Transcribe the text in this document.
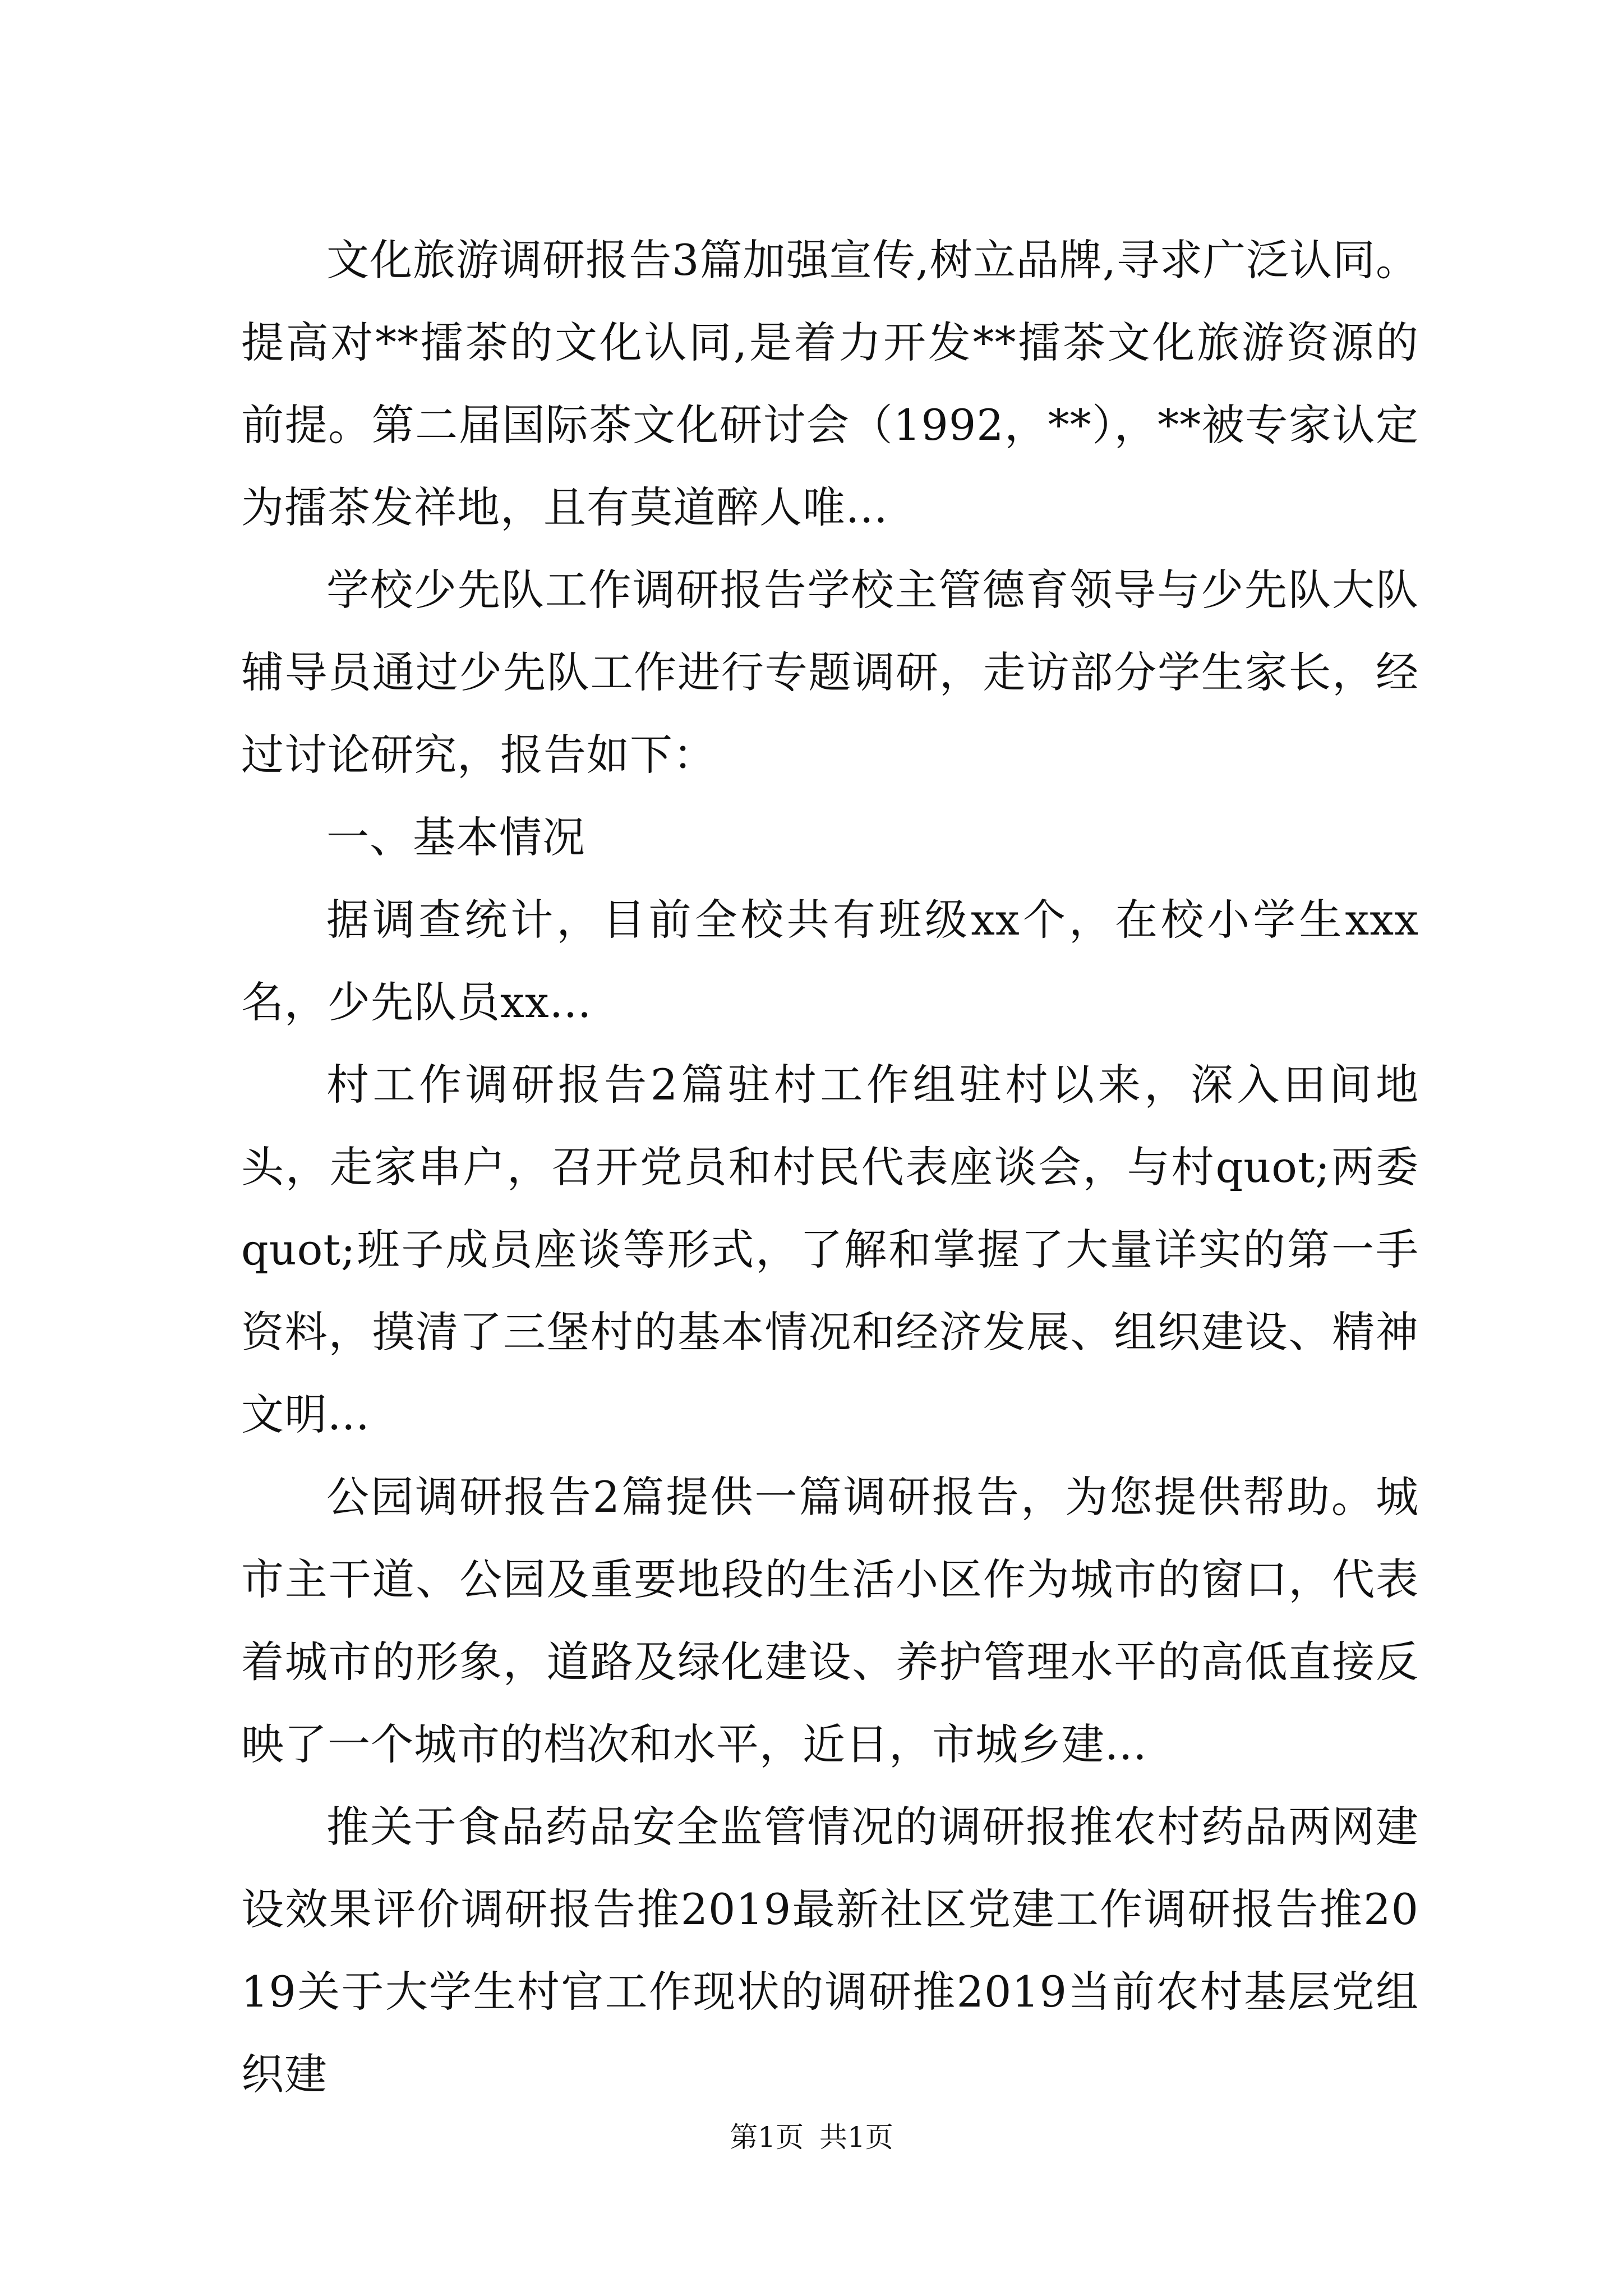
文化旅游调研报告3篇加强宣传,树立品牌,寻求广泛认同。提高对**擂茶的文化认同,是着力开发**擂茶文化旅游资源的前提。第二届国际茶文化研讨会（1992，**），**被专家认定为擂茶发祥地，且有莫道醉人唯...

学校少先队工作调研报告学校主管德育领导与少先队大队辅导员通过少先队工作进行专题调研，走访部分学生家长，经过讨论研究，报告如下：

一、基本情况

据调查统计，目前全校共有班级xx个，在校小学生xxx名，少先队员xx...

村工作调研报告2篇驻村工作组驻村以来，深入田间地头，走家串户，召开党员和村民代表座谈会，与村quot;两委quot;班子成员座谈等形式，了解和掌握了大量详实的第一手资料，摸清了三堡村的基本情况和经济发展、组织建设、精神文明...

公园调研报告2篇提供一篇调研报告，为您提供帮助。城市主干道、公园及重要地段的生活小区作为城市的窗口，代表着城市的形象，道路及绿化建设、养护管理水平的高低直接反映了一个城市的档次和水平，近日，市城乡建...

推关于食品药品安全监管情况的调研报推农村药品两网建设效果评价调研报告推2019最新社区党建工作调研报告推2019关于大学生村官工作现状的调研推2019当前农村基层党组织建

第1页 共1页
